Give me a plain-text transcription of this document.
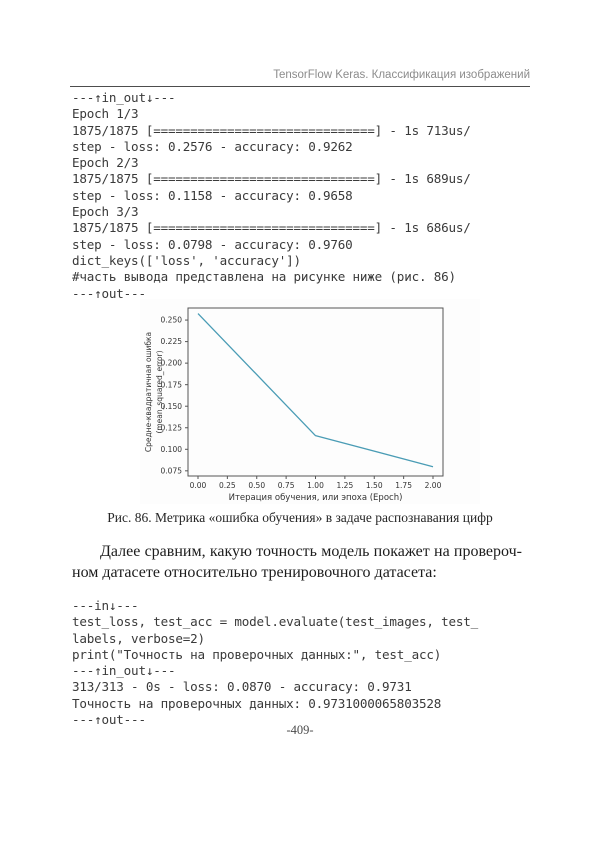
TensorFlow Keras. Классификация изображений
---↑in_out↓---
Epoch 1/3
1875/1875 [==============================] - 1s 713us/
step - loss: 0.2576 - accuracy: 0.9262
Epoch 2/3
1875/1875 [==============================] - 1s 689us/
step - loss: 0.1158 - accuracy: 0.9658
Epoch 3/3
1875/1875 [==============================] - 1s 686us/
step - loss: 0.0798 - accuracy: 0.9760
dict_keys(['loss', 'accuracy'])
#часть вывода представлена на рисунке ниже (рис. 86)
---↑out---
0.00 0.25 0.50 0.75 1.00 1.25 1.50 1.75 2.00
0.075
0.100
0.125
0.150
0.175
0.200
0.225
0.250
Итерация обучения, или эпоха (Epoch)
Средне-квадратичная ошибка (mean_squared_error)
Рис. 86. Метрика «ошибка обучения» в задаче распознавания цифр
Далее сравним, какую точность модель покажет на провероч-
ном датасете относительно тренировочного датасета:
---in↓---
test_loss, test_acc = model.evaluate(test_images, test_
labels, verbose=2)
print("Точность на проверочных данных:", test_acc)
---↑in_out↓---
313/313 - 0s - loss: 0.0870 - accuracy: 0.9731
Точность на проверочных данных: 0.9731000065803528
---↑out---
-409-
